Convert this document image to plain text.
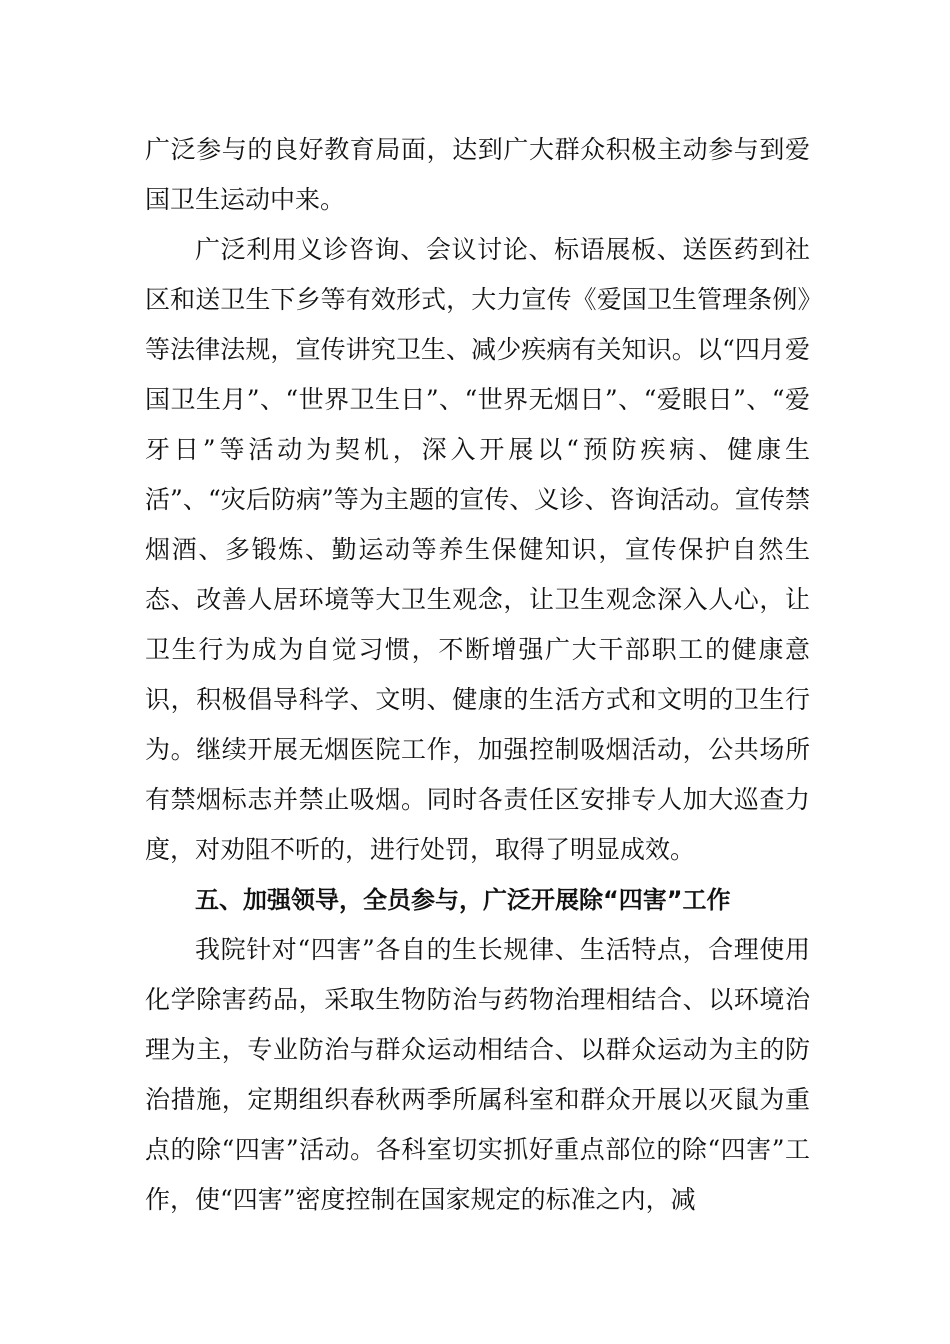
广泛参与的良好教育局面，达到广大群众积极主动参与到爱国卫生运动中来。

广泛利用义诊咨询、会议讨论、标语展板、送医药到社区和送卫生下乡等有效形式，大力宣传《爱国卫生管理条例》等法律法规，宣传讲究卫生、减少疾病有关知识。以“四月爱国卫生月”、“世界卫生日”、“世界无烟日”、“爱眼日”、“爱牙日”等活动为契机，深入开展以“预防疾病、健康生活”、“灾后防病”等为主题的宣传、义诊、咨询活动。宣传禁烟酒、多锻炼、勤运动等养生保健知识，宣传保护自然生态、改善人居环境等大卫生观念，让卫生观念深入人心，让卫生行为成为自觉习惯，不断增强广大干部职工的健康意识，积极倡导科学、文明、健康的生活方式和文明的卫生行为。继续开展无烟医院工作，加强控制吸烟活动，公共场所有禁烟标志并禁止吸烟。同时各责任区安排专人加大巡查力度，对劝阻不听的，进行处罚，取得了明显成效。

五、加强领导，全员参与，广泛开展除“四害”工作

我院针对“四害”各自的生长规律、生活特点，合理使用化学除害药品，采取生物防治与药物治理相结合、以环境治理为主，专业防治与群众运动相结合、以群众运动为主的防治措施，定期组织春秋两季所属科室和群众开展以灭鼠为重点的除“四害”活动。各科室切实抓好重点部位的除“四害”工作，使“四害”密度控制在国家规定的标准之内，减
